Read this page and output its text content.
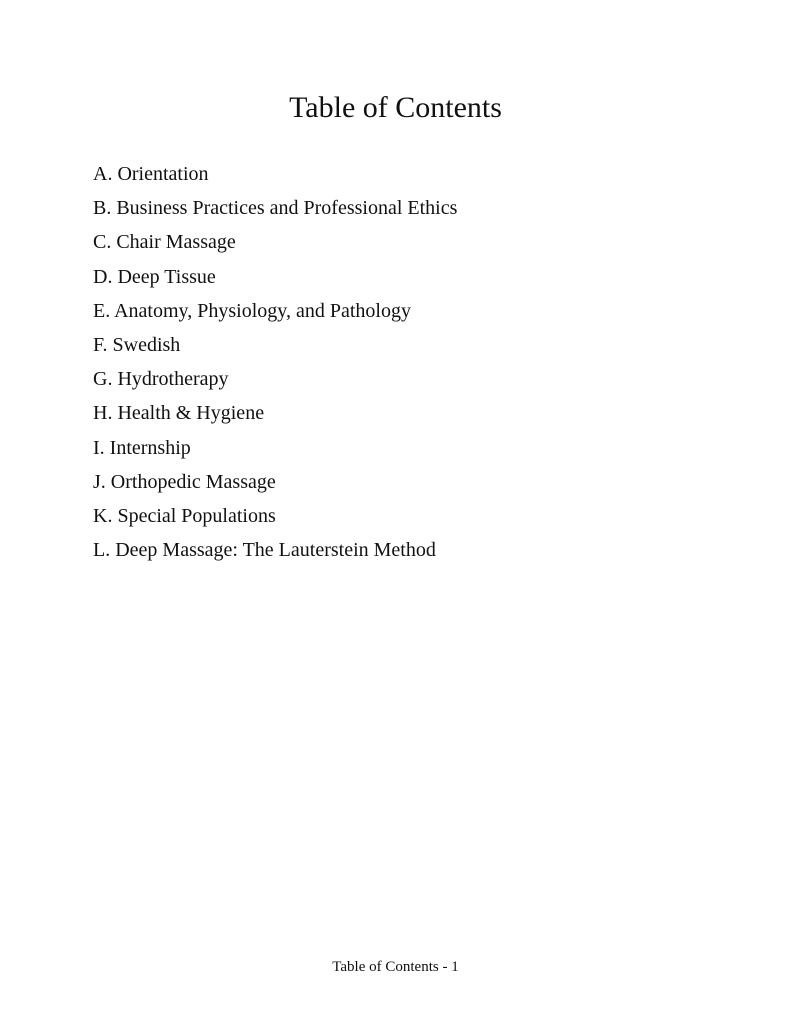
Table of Contents
A. Orientation
B. Business Practices and Professional Ethics
C. Chair Massage
D. Deep Tissue
E. Anatomy, Physiology, and Pathology
F. Swedish
G. Hydrotherapy
H. Health & Hygiene
I. Internship
J. Orthopedic Massage
K. Special Populations
L. Deep Massage: The Lauterstein Method
Table of Contents - 1
